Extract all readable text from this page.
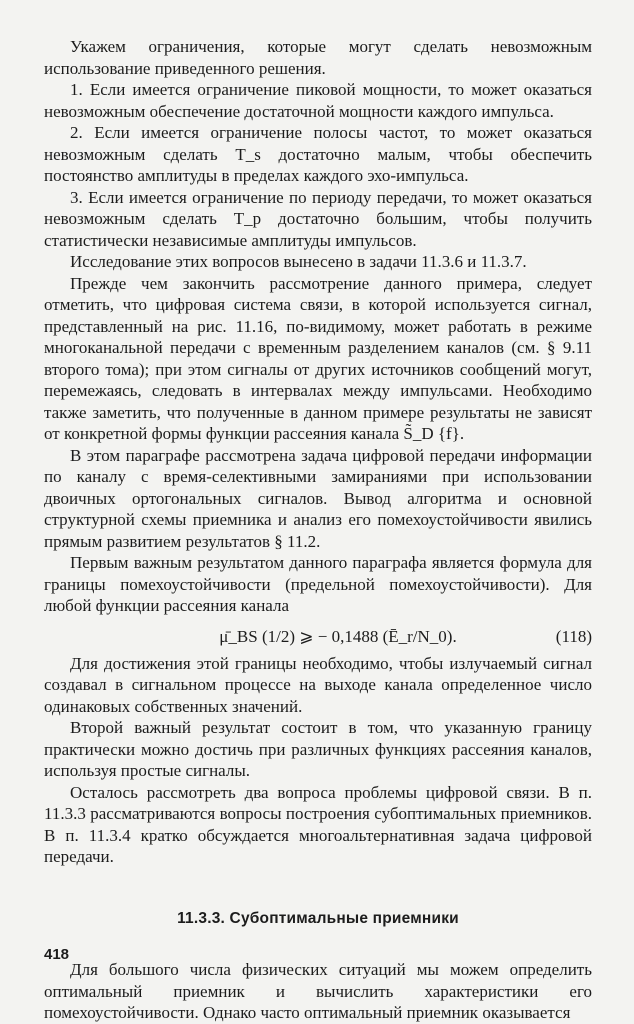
Укажем ограничения, которые могут сделать невозможным использование приведенного решения.

1. Если имеется ограничение пиковой мощности, то может оказаться невозможным обеспечение достаточной мощности каждого импульса.

2. Если имеется ограничение полосы частот, то может оказаться невозможным сделать T_s достаточно малым, чтобы обеспечить постоянство амплитуды в пределах каждого эхо-импульса.

3. Если имеется ограничение по периоду передачи, то может оказаться невозможным сделать T_p достаточно большим, чтобы получить статистически независимые амплитуды импульсов.

Исследование этих вопросов вынесено в задачи 11.3.6 и 11.3.7.

Прежде чем закончить рассмотрение данного примера, следует отметить, что цифровая система связи, в которой используется сигнал, представленный на рис. 11.16, по-видимому, может работать в режиме многоканальной передачи с временным разделением каналов (см. § 9.11 второго тома); при этом сигналы от других источников сообщений могут, перемежаясь, следовать в интервалах между импульсами. Необходимо также заметить, что полученные в данном примере результаты не зависят от конкретной формы функции рассеяния канала S̃_D {f}.

В этом параграфе рассмотрена задача цифровой передачи информации по каналу с время-селективными замираниями при использовании двоичных ортогональных сигналов. Вывод алгоритма и основной структурной схемы приемника и анализ его помехоустойчивости явились прямым развитием результатов § 11.2.

Первым важным результатом данного параграфа является формула для границы помехоустойчивости (предельной помехоустойчивости). Для любой функции рассеяния канала

μ̄_BS (1/2) ⩾ − 0,1488 (Ē_r/N_0).	(118)

Для достижения этой границы необходимо, чтобы излучаемый сигнал создавал в сигнальном процессе на выходе канала определенное число одинаковых собственных значений.

Второй важный результат состоит в том, что указанную границу практически можно достичь при различных функциях рассеяния каналов, используя простые сигналы.

Осталось рассмотреть два вопроса проблемы цифровой связи. В п. 11.3.3 рассматриваются вопросы построения субоптимальных приемников. В п. 11.3.4 кратко обсуждается многоальтернативная задача цифровой передачи.

11.3.3. Субоптимальные приемники

Для большого числа физических ситуаций мы можем определить оптимальный приемник и вычислить характеристики его помехоустойчивости. Однако часто оптимальный приемник оказывается

418
